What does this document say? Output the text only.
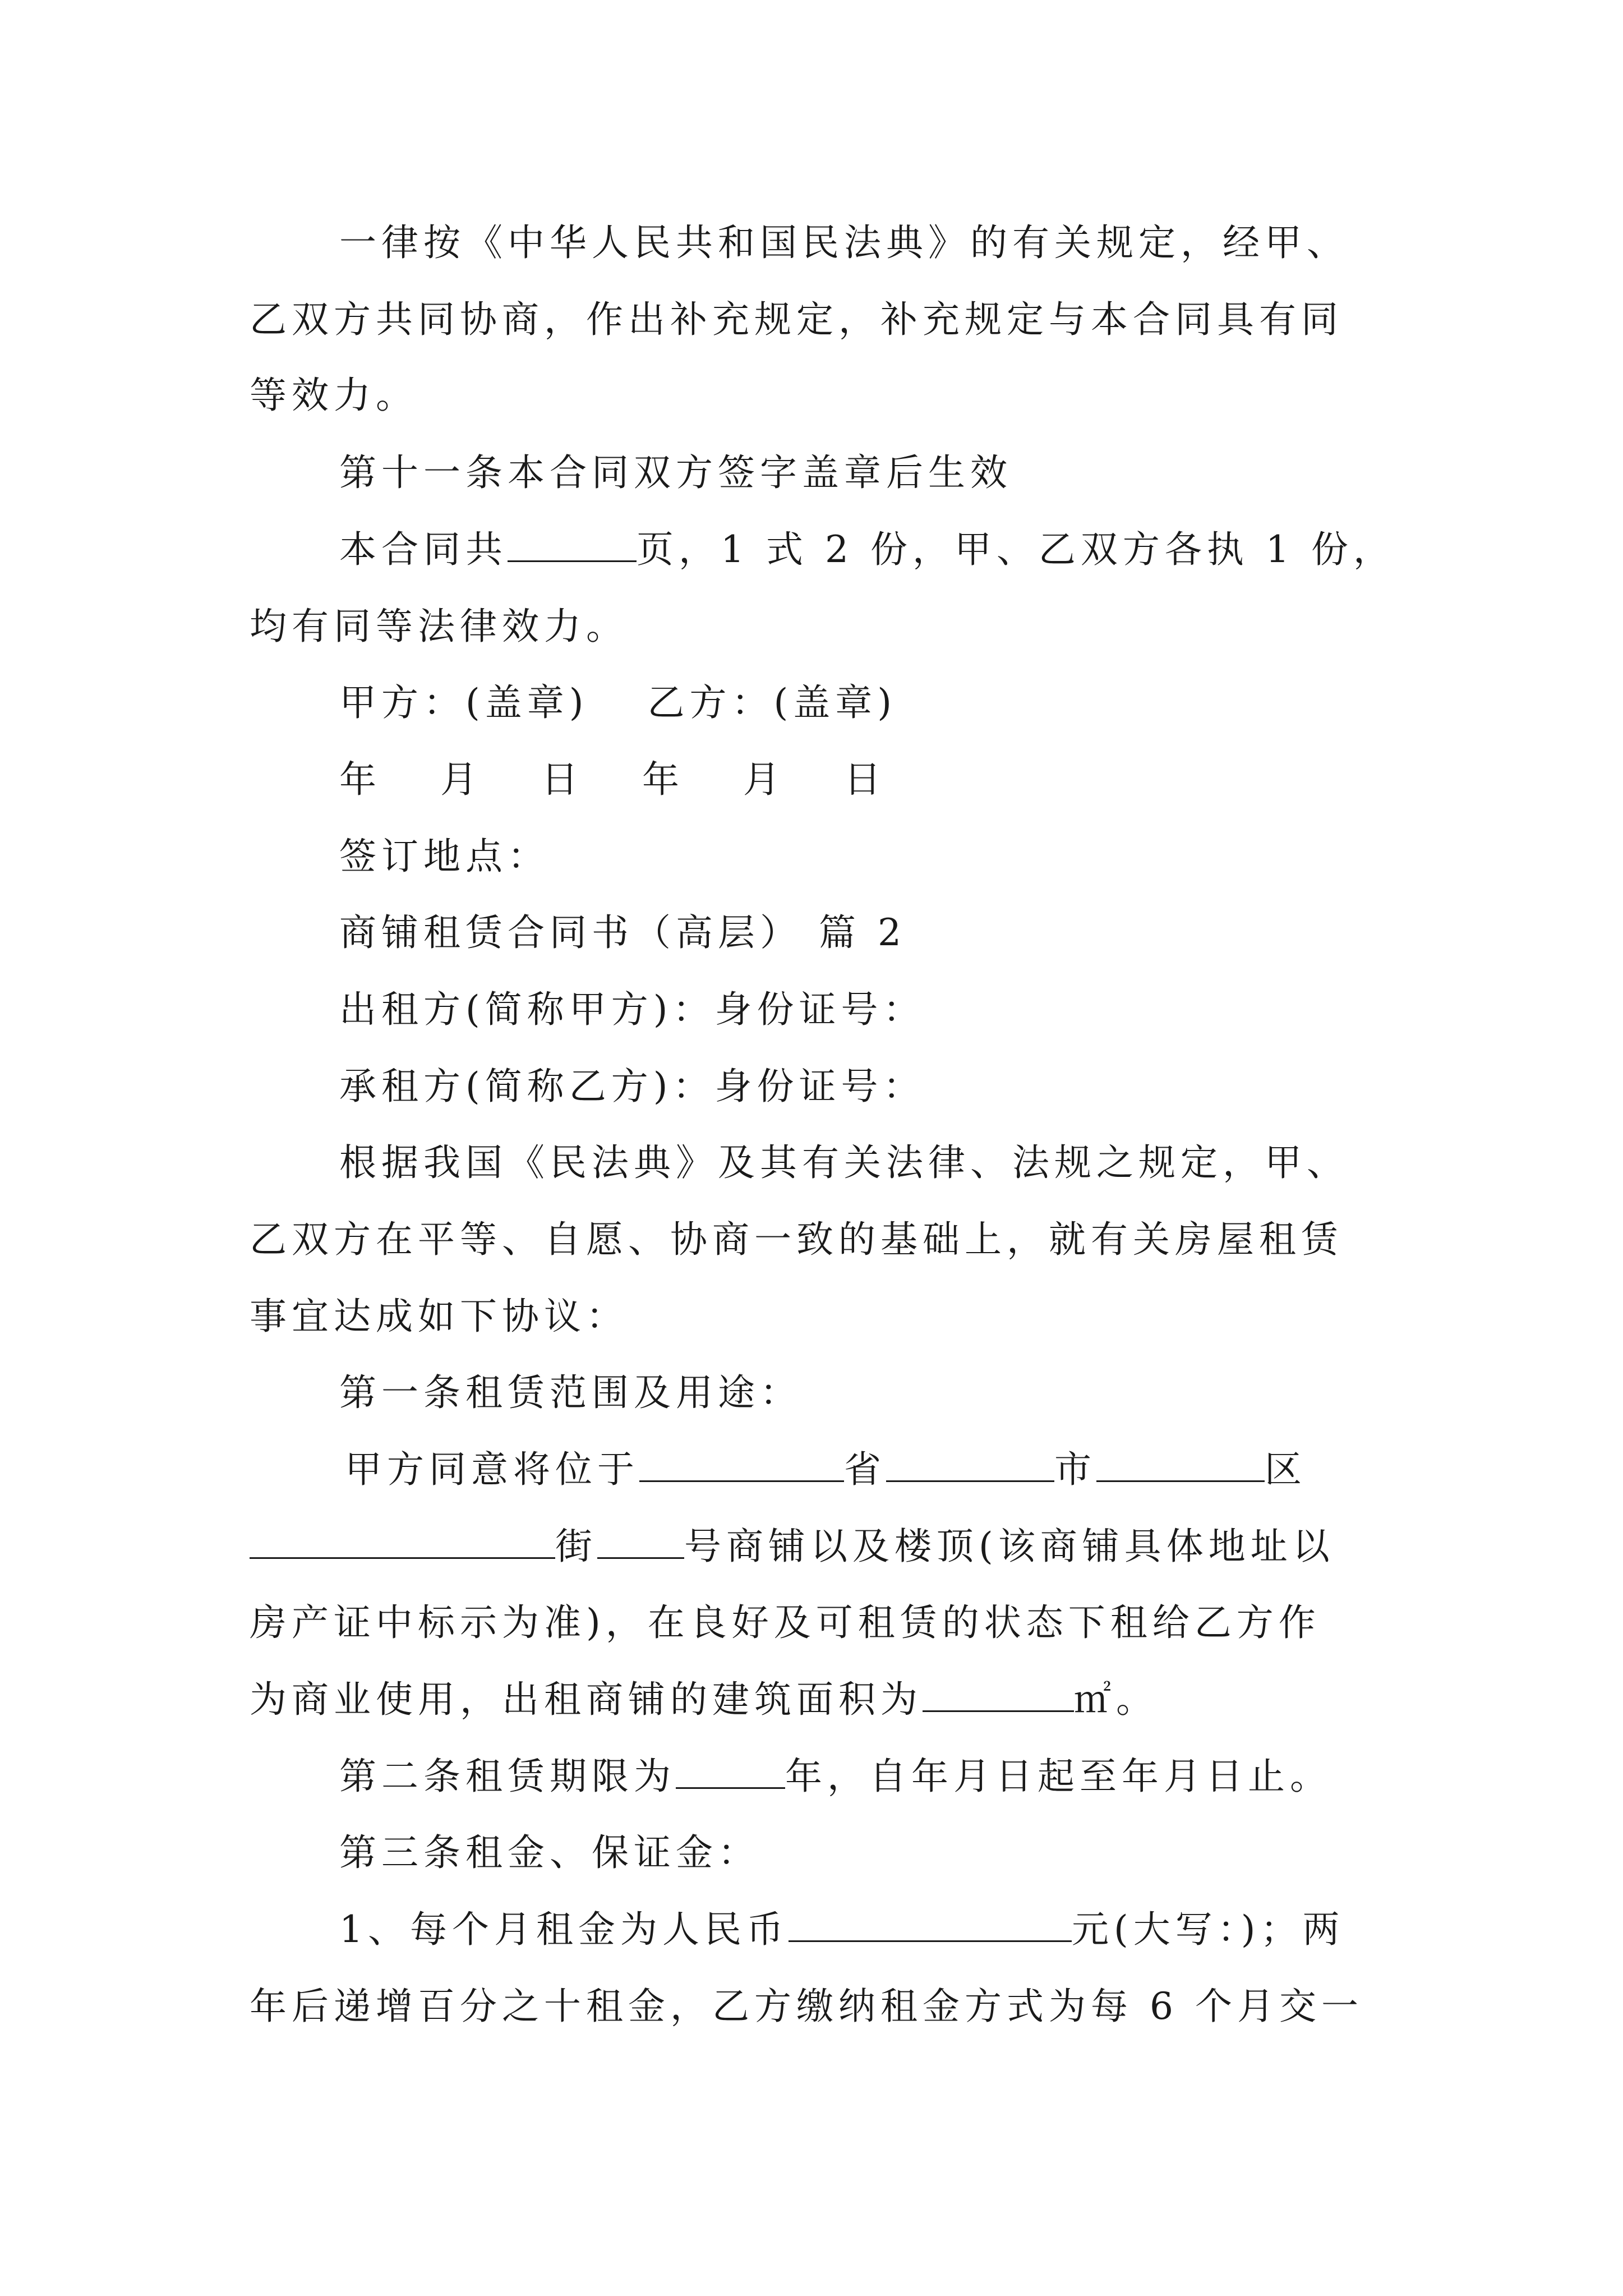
一律按《中华人民共和国民法典》的有关规定，经甲、
乙双方共同协商，作出补充规定，补充规定与本合同具有同
等效力。
第十一条本合同双方签字盖章后生效
本合同共	页，1 式 2 份，甲、乙双方各执 1 份，
均有同等法律效力。
甲方：(盖章)　 乙方：(盖章)
年　 月　 日　 年　 月　 日
签订地点：
商铺租赁合同书（高层） 篇 2
出租方(简称甲方)：身份证号：
承租方(简称乙方)：身份证号：
根据我国《民法典》及其有关法律、法规之规定，甲、
乙双方在平等、自愿、协商一致的基础上，就有关房屋租赁
事宜达成如下协议：
第一条租赁范围及用途：
甲方同意将位于	省	市	区
街 号商铺以及楼顶(该商铺具体地址以
房产证中标示为准)，在良好及可租赁的状态下租给乙方作
为商业使用，出租商铺的建筑面积为	㎡。
第二条租赁期限为	年，自年月日起至年月日止。
第三条租金、保证金：
1、每个月租金为人民币	元(大写：)；两
年后递增百分之十租金，乙方缴纳租金方式为每 6 个月交一
